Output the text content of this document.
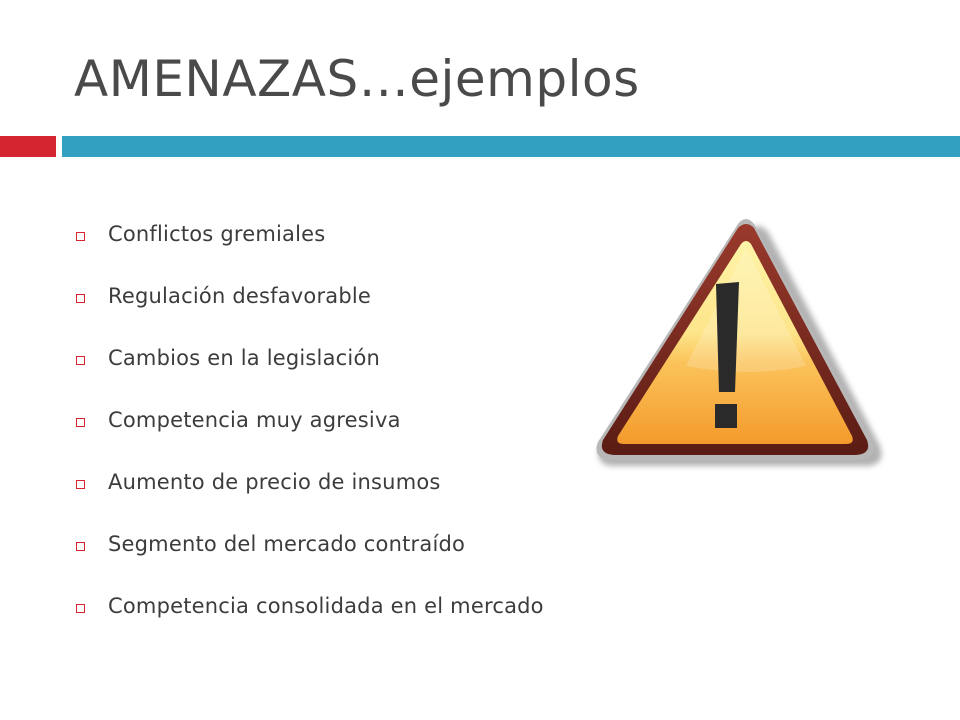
AMENAZAS…ejemplos
Conflictos gremiales
Regulación desfavorable
Cambios en la legislación
Competencia muy agresiva
Aumento de precio de insumos
Segmento del mercado contraído
Competencia consolidada en el mercado
